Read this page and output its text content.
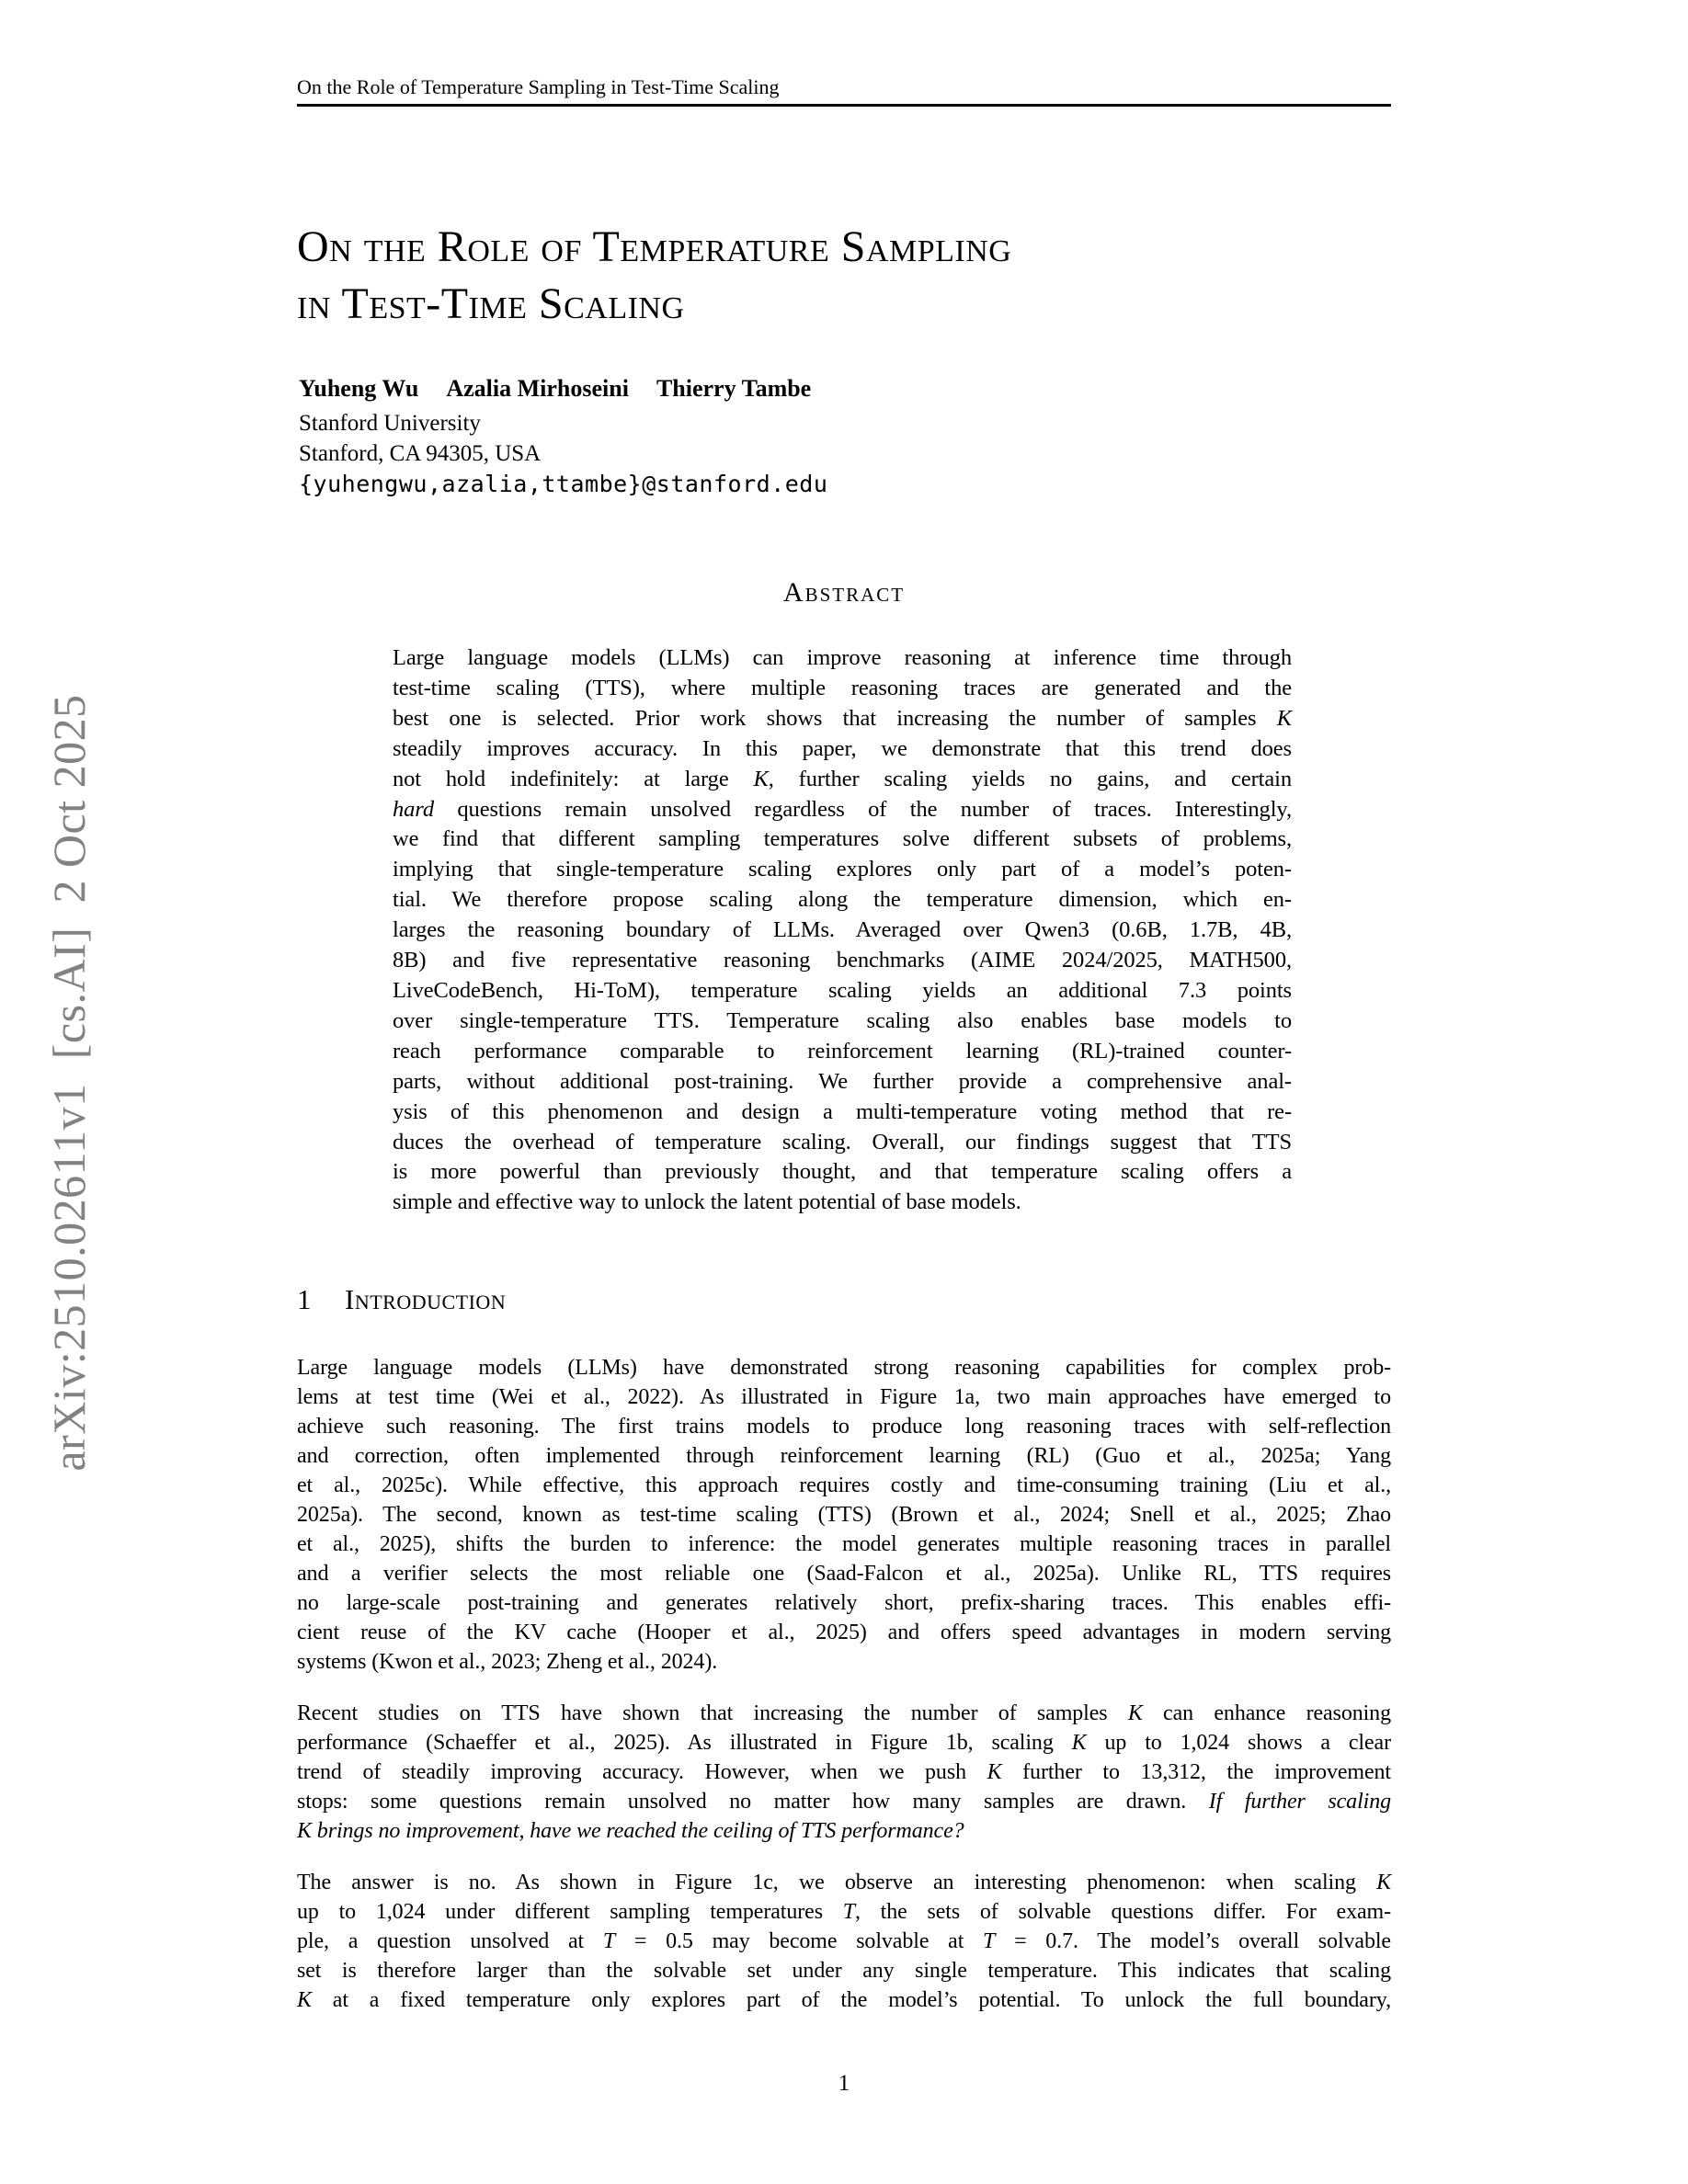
arXiv:2510.02611v1  [cs.AI]  2 Oct 2025
On the Role of Temperature Sampling in Test-Time Scaling
On the Role of Temperature Sampling
in Test-Time Scaling
Yuheng Wu Azalia Mirhoseini Thierry Tambe
Stanford University
Stanford, CA 94305, USA
{yuhengwu,azalia,ttambe}@stanford.edu
Abstract
Large language models (LLMs) can improve reasoning at inference time through
test-time scaling (TTS), where multiple reasoning traces are generated and the
best one is selected. Prior work shows that increasing the number of samples K
steadily improves accuracy. In this paper, we demonstrate that this trend does
not hold indefinitely: at large K, further scaling yields no gains, and certain
hard questions remain unsolved regardless of the number of traces. Interestingly,
we find that different sampling temperatures solve different subsets of problems,
implying that single-temperature scaling explores only part of a model’s poten-
tial. We therefore propose scaling along the temperature dimension, which en-
larges the reasoning boundary of LLMs. Averaged over Qwen3 (0.6B, 1.7B, 4B,
8B) and five representative reasoning benchmarks (AIME 2024/2025, MATH500,
LiveCodeBench, Hi-ToM), temperature scaling yields an additional 7.3 points
over single-temperature TTS. Temperature scaling also enables base models to
reach performance comparable to reinforcement learning (RL)-trained counter-
parts, without additional post-training. We further provide a comprehensive anal-
ysis of this phenomenon and design a multi-temperature voting method that re-
duces the overhead of temperature scaling. Overall, our findings suggest that TTS
is more powerful than previously thought, and that temperature scaling offers a
simple and effective way to unlock the latent potential of base models.
1 Introduction
Large language models (LLMs) have demonstrated strong reasoning capabilities for complex prob-
lems at test time (Wei et al., 2022). As illustrated in Figure 1a, two main approaches have emerged to
achieve such reasoning. The first trains models to produce long reasoning traces with self-reflection
and correction, often implemented through reinforcement learning (RL) (Guo et al., 2025a; Yang
et al., 2025c). While effective, this approach requires costly and time-consuming training (Liu et al.,
2025a). The second, known as test-time scaling (TTS) (Brown et al., 2024; Snell et al., 2025; Zhao
et al., 2025), shifts the burden to inference: the model generates multiple reasoning traces in parallel
and a verifier selects the most reliable one (Saad-Falcon et al., 2025a). Unlike RL, TTS requires
no large-scale post-training and generates relatively short, prefix-sharing traces. This enables effi-
cient reuse of the KV cache (Hooper et al., 2025) and offers speed advantages in modern serving
systems (Kwon et al., 2023; Zheng et al., 2024).
Recent studies on TTS have shown that increasing the number of samples K can enhance reasoning
performance (Schaeffer et al., 2025). As illustrated in Figure 1b, scaling K up to 1,024 shows a clear
trend of steadily improving accuracy. However, when we push K further to 13,312, the improvement
stops: some questions remain unsolved no matter how many samples are drawn. If further scaling
K brings no improvement, have we reached the ceiling of TTS performance?
The answer is no. As shown in Figure 1c, we observe an interesting phenomenon: when scaling K
up to 1,024 under different sampling temperatures T, the sets of solvable questions differ. For exam-
ple, a question unsolved at T = 0.5 may become solvable at T = 0.7. The model’s overall solvable
set is therefore larger than the solvable set under any single temperature. This indicates that scaling
K at a fixed temperature only explores part of the model’s potential. To unlock the full boundary,
1
